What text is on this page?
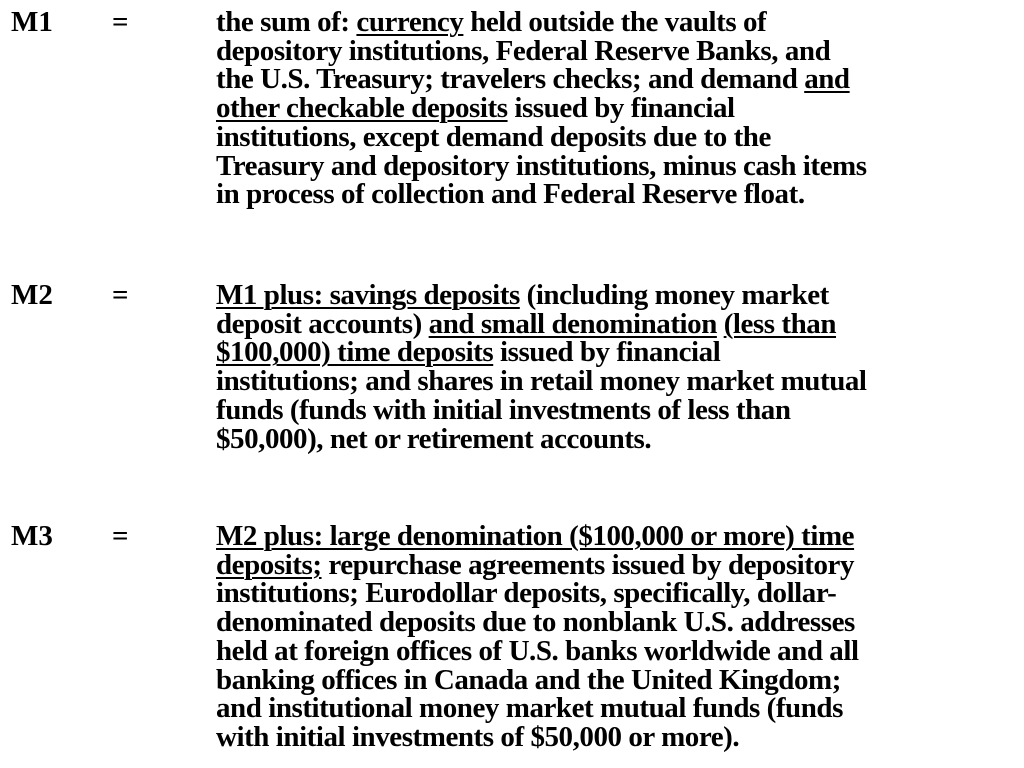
M1 =	the sum of: currency held outside the vaults of
depository institutions, Federal Reserve Banks, and
the U.S. Treasury; travelers checks; and demand and
other checkable deposits issued by financial
institutions, except demand deposits due to the
Treasury and depository institutions, minus cash items
in process of collection and Federal Reserve float.
M2 =	M1 plus: savings deposits (including money market
deposit accounts) and small denomination (less than
$100,000) time deposits issued by financial
institutions; and shares in retail money market mutual
funds (funds with initial investments of less than
$50,000), net or retirement accounts.
M3 =	M2 plus: large denomination ($100,000 or more) time
deposits; repurchase agreements issued by depository
institutions; Eurodollar deposits, specifically, dollar-
denominated deposits due to nonblank U.S. addresses
held at foreign offices of U.S. banks worldwide and all
banking offices in Canada and the United Kingdom;
and institutional money market mutual funds (funds
with initial investments of $50,000 or more).
